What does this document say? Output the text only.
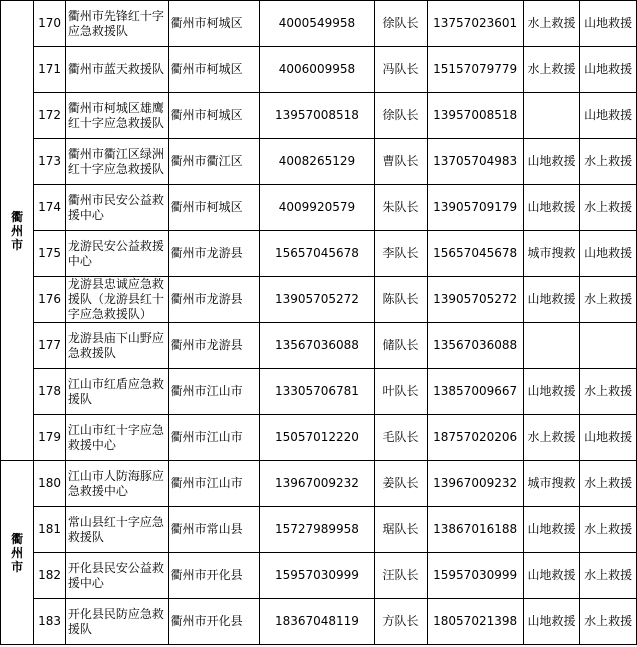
衢州市	170	衢州市先锋红十字应急救援队	衢州市柯城区	4000549958	徐队长	13757023601	水上救援	山地救援
	171	衢州市蓝天救援队	衢州市柯城区	4006009958	冯队长	15157079779	水上救援	山地救援
	172	衢州市柯城区雄鹰红十字应急救援队	衢州市柯城区	13957008518	徐队长	13957008518		山地救援
	173	衢州市衢江区绿洲红十字应急救援队	衢州市衢江区	4008265129	曹队长	13705704983	山地救援	水上救援
	174	衢州市民安公益救援中心	衢州市柯城区	4009920579	朱队长	13905709179	山地救援	水上救援
	175	龙游民安公益救援中心	衢州市龙游县	15657045678	李队长	15657045678	城市搜救	山地救援
	176	龙游县忠诚应急救援队（龙游县红十字应急救援队）	衢州市龙游县	13905705272	陈队长	13905705272	山地救援	水上救援
	177	龙游县庙下山野应急救援队	衢州市龙游县	13567036088	储队长	13567036088		
	178	江山市红盾应急救援队	衢州市江山市	13305706781	叶队长	13857009667	山地救援	水上救援
	179	江山市红十字应急救援中心	衢州市江山市	15057012220	毛队长	18757020206	水上救援	山地救援
衢州市	180	江山市人防海豚应急救援中心	衢州市江山市	13967009232	姜队长	13967009232	城市搜救	水上救援
	181	常山县红十字应急救援队	衢州市常山县	15727989958	琚队长	13867016188	山地救援	水上救援
	182	开化县民安公益救援中心	衢州市开化县	15957030999	汪队长	15957030999	山地救援	水上救援
	183	开化县民防应急救援队	衢州市开化县	18367048119	方队长	18057021398	山地救援	水上救援
